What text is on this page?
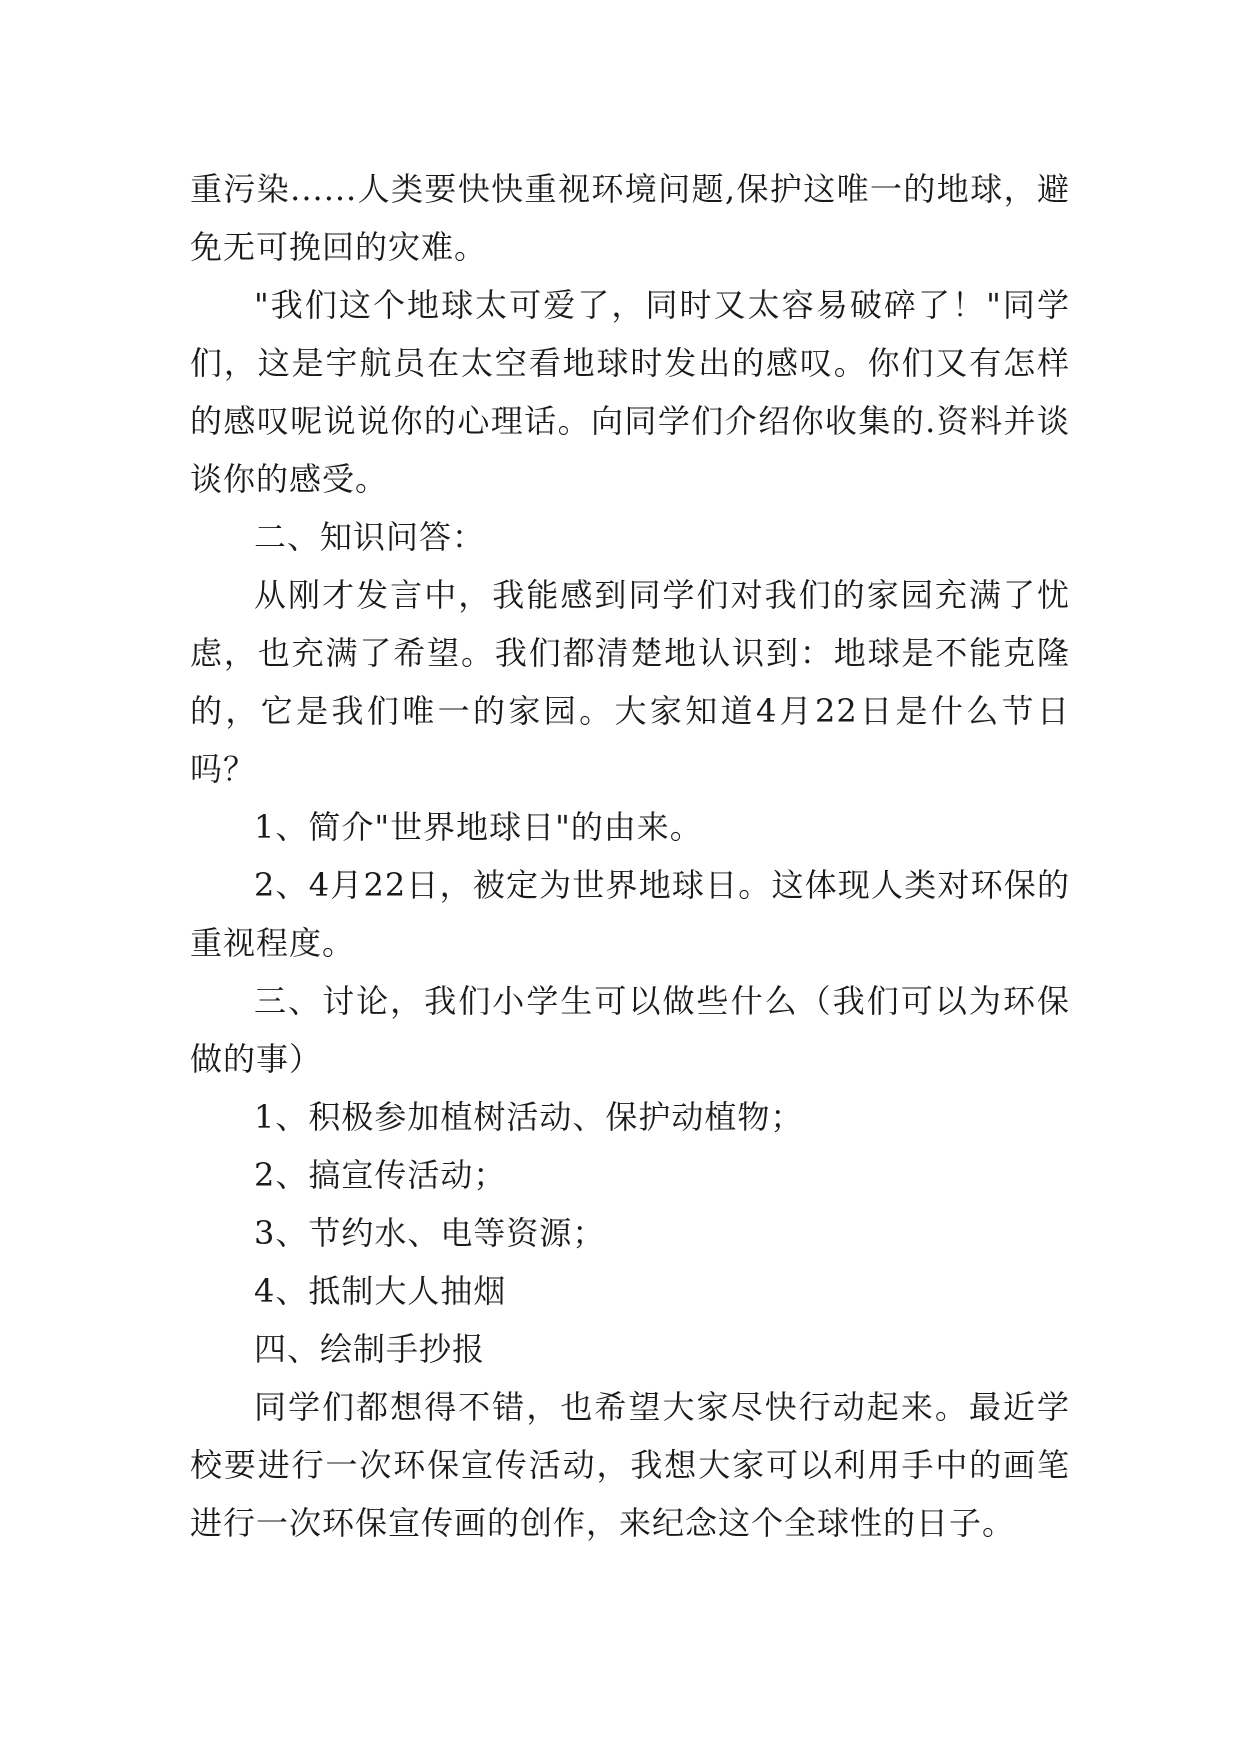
重污染......人类要快快重视环境问题,保护这唯一的地球，避免无可挽回的灾难。

"我们这个地球太可爱了，同时又太容易破碎了！"同学们，这是宇航员在太空看地球时发出的感叹。你们又有怎样的感叹呢说说你的心理话。向同学们介绍你收集的.资料并谈谈你的感受。

二、知识问答：

从刚才发言中，我能感到同学们对我们的家园充满了忧虑，也充满了希望。我们都清楚地认识到：地球是不能克隆的，它是我们唯一的家园。大家知道4月22日是什么节日吗？

1、简介"世界地球日"的由来。

2、4月22日，被定为世界地球日。这体现人类对环保的重视程度。

三、讨论，我们小学生可以做些什么（我们可以为环保做的事）

1、积极参加植树活动、保护动植物；

2、搞宣传活动；

3、节约水、电等资源；

4、抵制大人抽烟

四、绘制手抄报

同学们都想得不错，也希望大家尽快行动起来。最近学校要进行一次环保宣传活动，我想大家可以利用手中的画笔进行一次环保宣传画的创作，来纪念这个全球性的日子。
